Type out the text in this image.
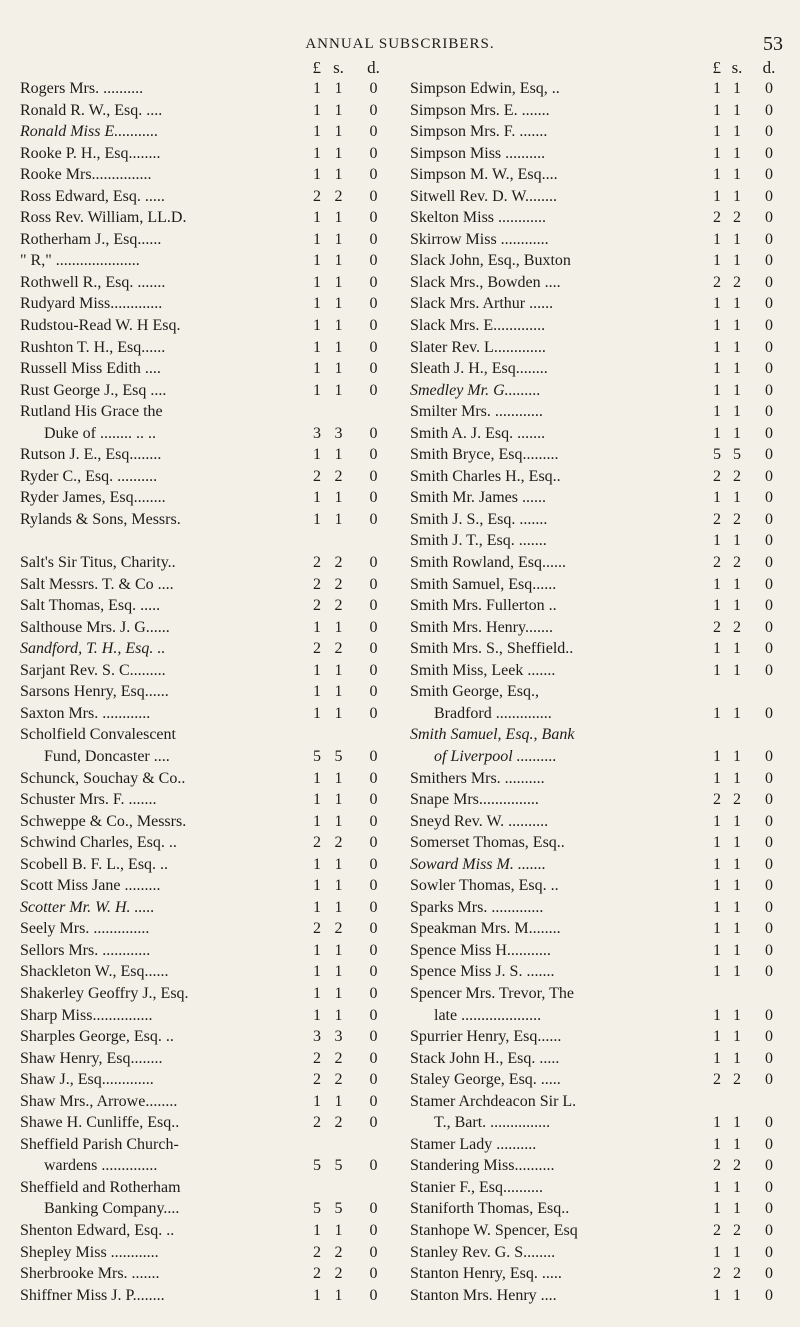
ANNUAL SUBSCRIBERS.	53
£ s.	d.
Rogers Mrs. ..........	1 1	0
Ronald R. W., Esq. ....	1 1	0
Ronald Miss E...........	1 1	0
Rooke P. H., Esq........	1 1	0
Rooke Mrs...............	1 1	0
Ross Edward, Esq. .....	2 2	0
Ross Rev. William, LL.D.	1 1	0
Rotherham J., Esq......	1 1	0
" R," .....................	1 1	0
Rothwell R., Esq. .......	1 1	0
Rudyard Miss.............	1 1	0
Rudstou-Read W. H Esq.	1 1	0
Rushton T. H., Esq......	1 1	0
Russell Miss Edith ....	1 1	0
Rust George J., Esq ....	1 1	0
Rutland His Grace the
Duke of ........ .. ..	3 3	0
Rutson J. E., Esq........	1 1	0
Ryder C., Esq. ..........	2 2	0
Ryder James, Esq........	1 1	0
Rylands & Sons, Messrs.	1 1	0
Salt's Sir Titus, Charity..	2 2	0
Salt Messrs. T. & Co ....	2 2	0
Salt Thomas, Esq. .....	2 2	0
Salthouse Mrs. J. G......	1 1	0
Sandford, T. H., Esq. ..	2 2	0
Sarjant Rev. S. C.........	1 1	0
Sarsons Henry, Esq......	1 1	0
Saxton Mrs. ............	1 1	0
Scholfield Convalescent
Fund, Doncaster ....	5 5	0
Schunck, Souchay & Co..	1 1	0
Schuster Mrs. F. .......	1 1	0
Schweppe & Co., Messrs.	1 1	0
Schwind Charles, Esq. ..	2 2	0
Scobell B. F. L., Esq. ..	1 1	0
Scott Miss Jane .........	1 1	0
Scotter Mr. W. H. .....	1 1	0
Seely Mrs. ..............	2 2	0
Sellors Mrs. ............	1 1	0
Shackleton W., Esq......	1 1	0
Shakerley Geoffry J., Esq.	1 1	0
Sharp Miss...............	1 1	0
Sharples George, Esq. ..	3 3	0
Shaw Henry, Esq........	2 2	0
Shaw J., Esq.............	2 2	0
Shaw Mrs., Arrowe........	1 1	0
Shawe H. Cunliffe, Esq..	2 2	0
Sheffield Parish Church-
wardens ..............	5 5	0
Sheffield and Rotherham
Banking Company....	5 5	0
Shenton Edward, Esq. ..	1 1	0
Shepley Miss ............	2 2	0
Sherbrooke Mrs. .......	2 2	0
Shiffner Miss J. P........	1 1	0
£ s.	d.
Simpson Edwin, Esq, ..	1 1	0
Simpson Mrs. E. .......	1 1	0
Simpson Mrs. F. .......	1 1	0
Simpson Miss ..........	1 1	0
Simpson M. W., Esq....	1 1	0
Sitwell Rev. D. W........	1 1	0
Skelton Miss ............	2 2	0
Skirrow Miss ............	1 1	0
Slack John, Esq., Buxton	1 1	0
Slack Mrs., Bowden ....	2 2	0
Slack Mrs. Arthur ......	1 1	0
Slack Mrs. E.............	1 1	0
Slater Rev. L.............	1 1	0
Sleath J. H., Esq........	1 1	0
Smedley Mr. G.........	1 1	0
Smilter Mrs. ............	1 1	0
Smith A. J. Esq. .......	1 1	0
Smith Bryce, Esq.........	5 5	0
Smith Charles H., Esq..	2 2	0
Smith Mr. James ......	1 1	0
Smith J. S., Esq. .......	2 2	0
Smith J. T., Esq. .......	1 1	0
Smith Rowland, Esq......	2 2	0
Smith Samuel, Esq......	1 1	0
Smith Mrs. Fullerton ..	1 1	0
Smith Mrs. Henry.......	2 2	0
Smith Mrs. S., Sheffield..	1 1	0
Smith Miss, Leek .......	1 1	0
Smith George, Esq.,
Bradford ..............	1 1	0
Smith Samuel, Esq., Bank
of Liverpool ..........	1 1	0
Smithers Mrs. ..........	1 1	0
Snape Mrs...............	2 2	0
Sneyd Rev. W. ..........	1 1	0
Somerset Thomas, Esq..	1 1	0
Soward Miss M. .......	1 1	0
Sowler Thomas, Esq. ..	1 1	0
Sparks Mrs. .............	1 1	0
Speakman Mrs. M........	1 1	0
Spence Miss H...........	1 1	0
Spence Miss J. S. .......	1 1	0
Spencer Mrs. Trevor, The
late ....................	1 1	0
Spurrier Henry, Esq......	1 1	0
Stack John H., Esq. .....	1 1	0
Staley George, Esq. .....	2 2	0
Stamer Archdeacon Sir L.
T., Bart. ...............	1 1	0
Stamer Lady ..........	1 1	0
Standering Miss..........	2 2	0
Stanier F., Esq..........	1 1	0
Staniforth Thomas, Esq..	1 1	0
Stanhope W. Spencer, Esq	2 2	0
Stanley Rev. G. S........	1 1	0
Stanton Henry, Esq. .....	2 2	0
Stanton Mrs. Henry ....	1 1	0
